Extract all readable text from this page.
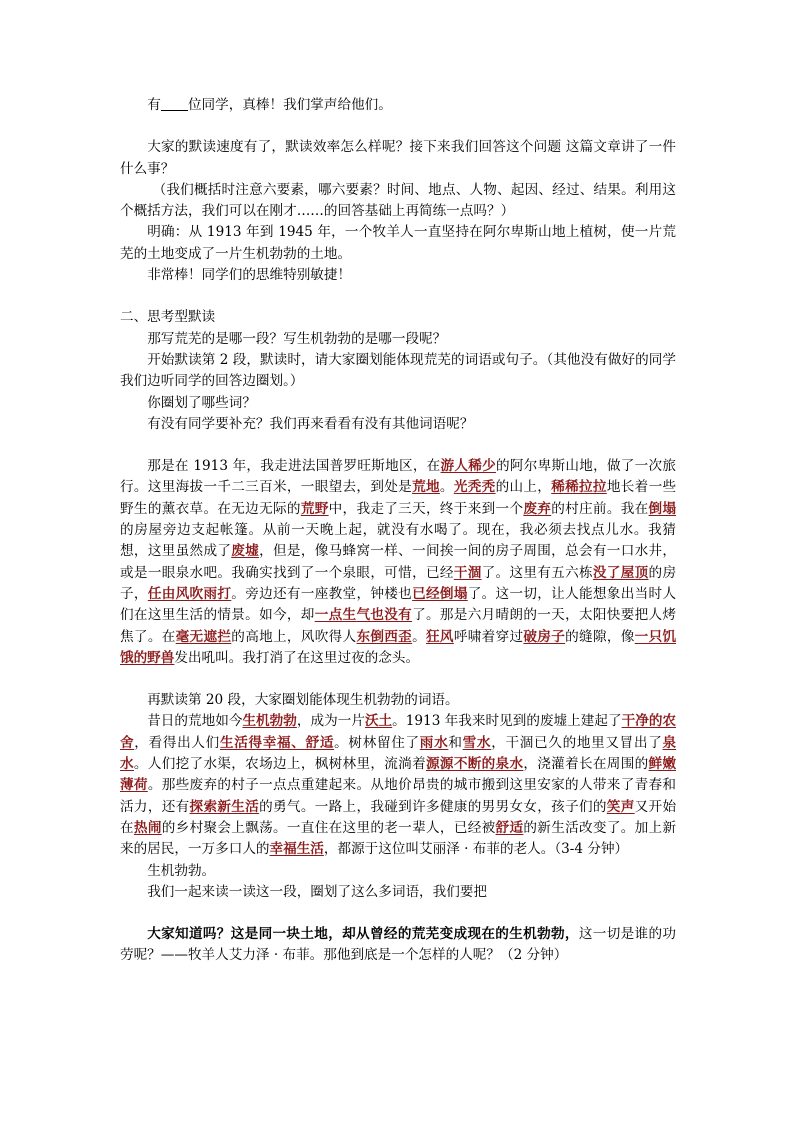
有 位同学，真棒！我们掌声给他们。

大家的默读速度有了，默读效率怎么样呢？接下来我们回答这个问题 这篇文章讲了一件什么事？

（我们概括时注意六要素，哪六要素？时间、地点、人物、起因、经过、结果。利用这个概括方法，我们可以在刚才……的回答基础上再简练一点吗？）

明确：从 1913 年到 1945 年，一个牧羊人一直坚持在阿尔卑斯山地上植树，使一片荒芜的土地变成了一片生机勃勃的土地。

非常棒！同学们的思维特别敏捷！

二、思考型默读

那写荒芜的是哪一段？写生机勃勃的是哪一段呢？

开始默读第 2 段，默读时，请大家圈划能体现荒芜的词语或句子。（其他没有做好的同学我们边听同学的回答边圈划。）

你圈划了哪些词？

有没有同学要补充？我们再来看看有没有其他词语呢？

那是在 1913 年，我走进法国普罗旺斯地区，在游人稀少的阿尔卑斯山地，做了一次旅行。这里海拔一千二三百米，一眼望去，到处是荒地。光秃秃的山上，稀稀拉拉地长着一些野生的薰衣草。在无边无际的荒野中，我走了三天，终于来到一个废弃的村庄前。我在倒塌的房屋旁边支起帐篷。从前一天晚上起，就没有水喝了。现在，我必须去找点儿水。我猜想，这里虽然成了废墟，但是，像马蜂窝一样、一间挨一间的房子周围，总会有一口水井，或是一眼泉水吧。我确实找到了一个泉眼，可惜，已经干涸了。这里有五六栋没了屋顶的房子，任由风吹雨打。旁边还有一座教堂，钟楼也已经倒塌了。这一切，让人能想象出当时人们在这里生活的情景。如今，却一点生气也没有了。那是六月晴朗的一天，太阳快要把人烤焦了。在毫无遮拦的高地上，风吹得人东倒西歪。狂风呼啸着穿过破房子的缝隙，像一只饥饿的野兽发出吼叫。我打消了在这里过夜的念头。

再默读第 20 段，大家圈划能体现生机勃勃的词语。

昔日的荒地如今生机勃勃，成为一片沃土。1913 年我来时见到的废墟上建起了干净的农舍，看得出人们生活得幸福、舒适。树林留住了雨水和雪水，干涸已久的地里又冒出了泉水。人们挖了水渠，农场边上，枫树林里，流淌着源源不断的泉水，浇灌着长在周围的鲜嫩薄荷。那些废弃的村子一点点重建起来。从地价昂贵的城市搬到这里安家的人带来了青春和活力，还有探索新生活的勇气。一路上，我碰到许多健康的男男女女，孩子们的笑声又开始在热闹的乡村聚会上飘荡。一直住在这里的老一辈人，已经被舒适的新生活改变了。加上新来的居民，一万多口人的幸福生活，都源于这位叫艾丽泽 · 布菲的老人。（3-4 分钟）

生机勃勃。

我们一起来读一读这一段，圈划了这么多词语，我们要把

大家知道吗？这是同一块土地，却从曾经的荒芜变成现在的生机勃勃，这一切是谁的功劳呢？——牧羊人艾力泽 · 布菲。那他到底是一个怎样的人呢？（2 分钟）
